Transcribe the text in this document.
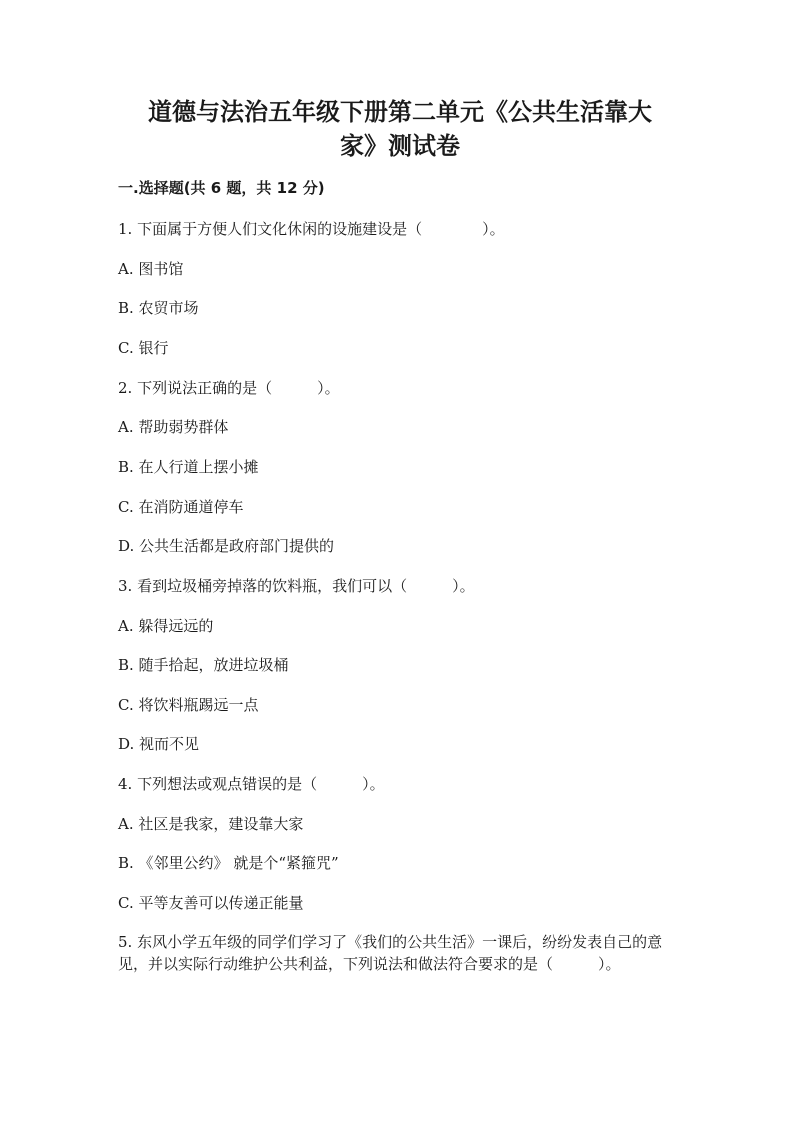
道德与法治五年级下册第二单元《公共生活靠大
家》测试卷
一.选择题(共 6 题，共 12 分)
1. 下面属于方便人们文化休闲的设施建设是（　　　　）。
A. 图书馆
B. 农贸市场
C. 银行
2. 下列说法正确的是（　　　）。
A. 帮助弱势群体
B. 在人行道上摆小摊
C. 在消防通道停车
D. 公共生活都是政府部门提供的
3. 看到垃圾桶旁掉落的饮料瓶，我们可以（　　　）。
A. 躲得远远的
B. 随手拾起，放进垃圾桶
C. 将饮料瓶踢远一点
D. 视而不见
4. 下列想法或观点错误的是（　　　）。
A. 社区是我家，建设靠大家
B. 《邻里公约》 就是个“紧箍咒”
C. 平等友善可以传递正能量
5. 东风小学五年级的同学们学习了《我们的公共生活》一课后，纷纷发表自己的意见，并以实际行动维护公共利益，下列说法和做法符合要求的是（　　　）。
